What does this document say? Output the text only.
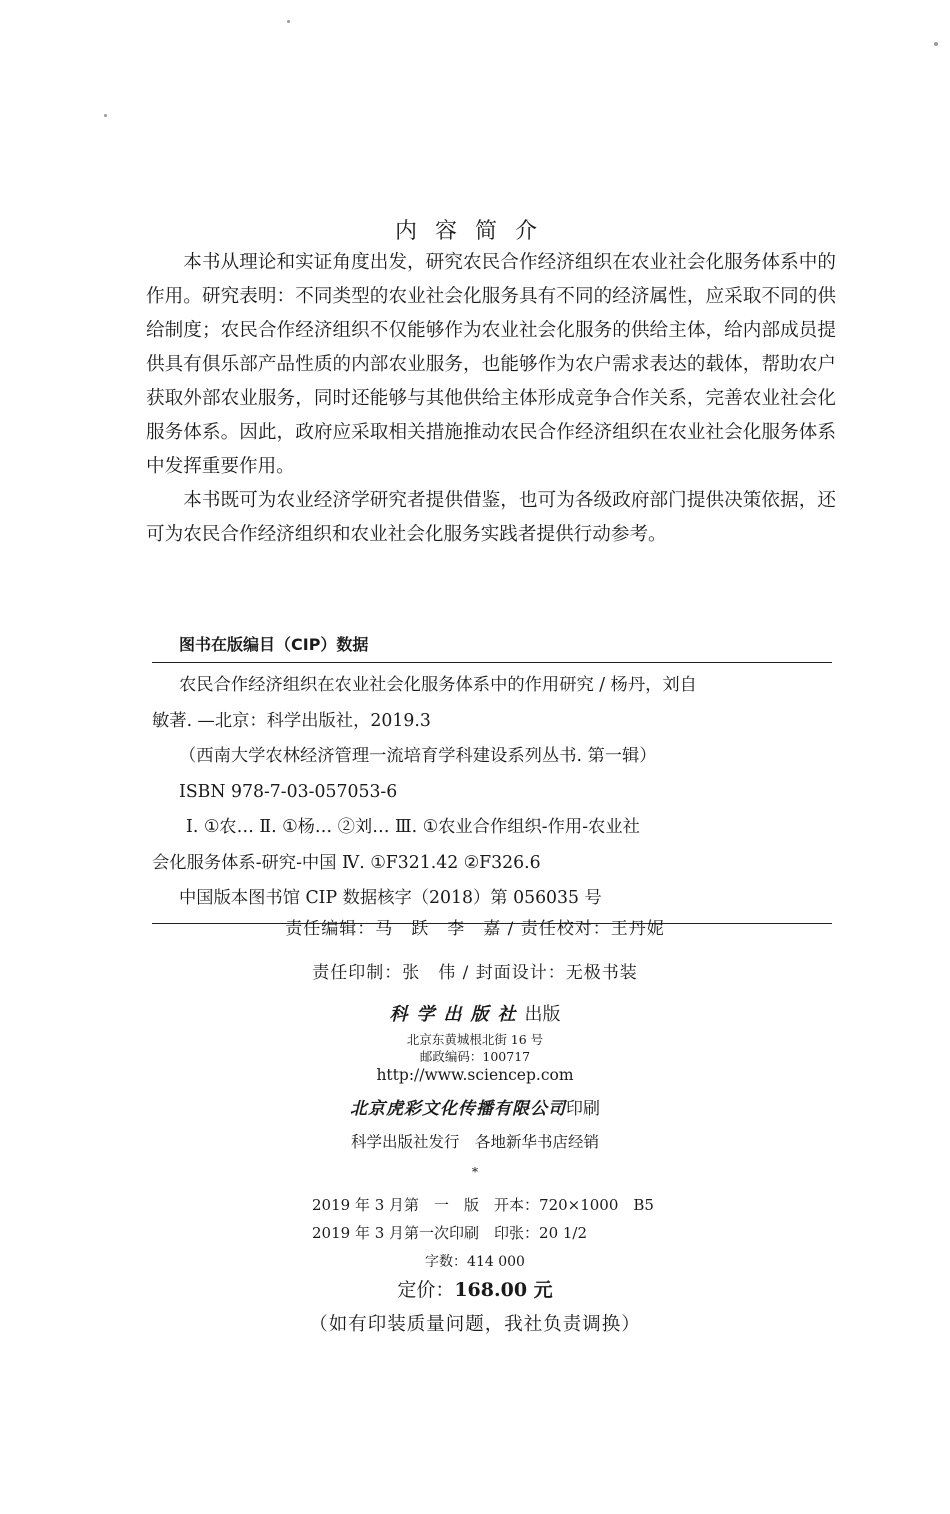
内容简介

本书从理论和实证角度出发，研究农民合作经济组织在农业社会化服务体系中的作用。研究表明：不同类型的农业社会化服务具有不同的经济属性，应采取不同的供给制度；农民合作经济组织不仅能够作为农业社会化服务的供给主体，给内部成员提供具有俱乐部产品性质的内部农业服务，也能够作为农户需求表达的载体，帮助农户获取外部农业服务，同时还能够与其他供给主体形成竞争合作关系，完善农业社会化服务体系。因此，政府应采取相关措施推动农民合作经济组织在农业社会化服务体系中发挥重要作用。

本书既可为农业经济学研究者提供借鉴，也可为各级政府部门提供决策依据，还可为农民合作经济组织和农业社会化服务实践者提供行动参考。

图书在版编目（CIP）数据
农民合作经济组织在农业社会化服务体系中的作用研究 / 杨丹，刘自
敏著. —北京：科学出版社，2019.3
（西南大学农林经济管理一流培育学科建设系列丛书. 第一辑）
ISBN 978-7-03-057053-6
Ⅰ. ①农… Ⅱ. ①杨… ②刘… Ⅲ. ①农业合作组织-作用-农业社
会化服务体系-研究-中国 Ⅳ. ①F321.42 ②F326.6
中国版本图书馆 CIP 数据核字（2018）第 056035 号
责任编辑：马　跃　李　嘉 / 责任校对：王丹妮
责任印制：张　伟 / 封面设计：无极书装
科学出版社出版
北京东黄城根北街 16 号
邮政编码：100717
http://www.sciencep.com
北京虎彩文化传播有限公司印刷
科学出版社发行　各地新华书店经销
*
2019 年 3 月第　一　版　开本：720×1000　B5
2019 年 3 月第一次印刷　印张：20 1/2
字数：414 000
定价：168.00 元
（如有印装质量问题，我社负责调换）
